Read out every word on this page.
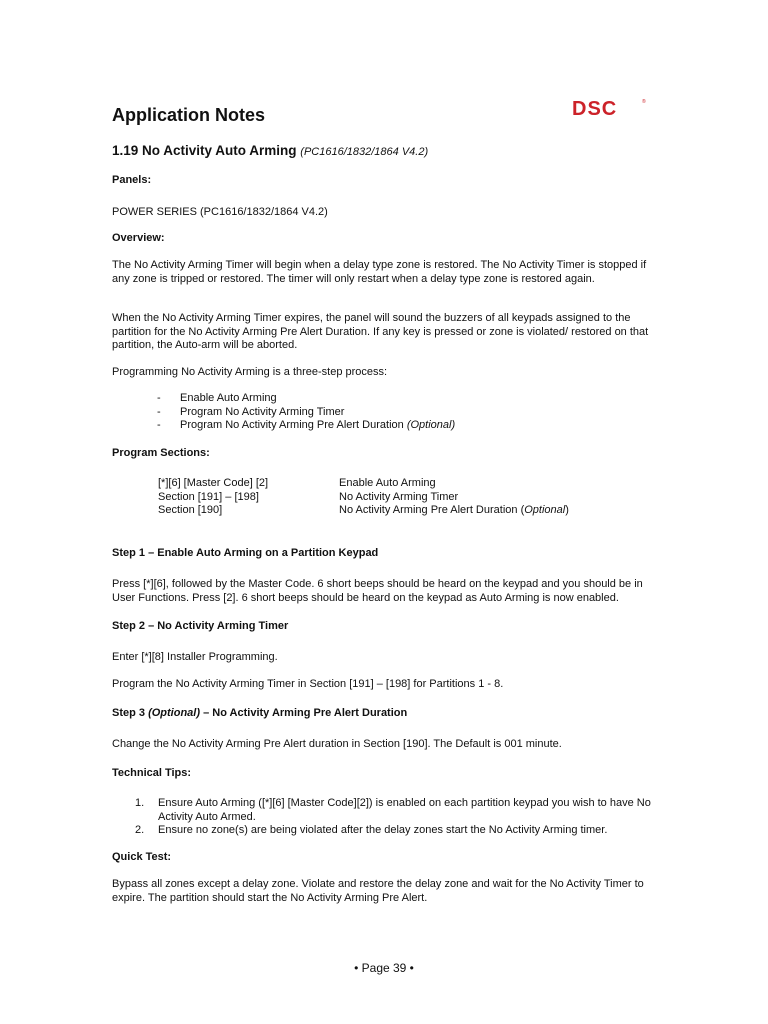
Application Notes	DSC	®
1.19 No Activity Auto Arming (PC1616/1832/1864 V4.2)
Panels:
POWER SERIES (PC1616/1832/1864 V4.2)
Overview:
The No Activity Arming Timer will begin when a delay type zone is restored. The No Activity Timer is stopped if any zone is tripped or restored. The timer will only restart when a delay type zone is restored again.
When the No Activity Arming Timer expires, the panel will sound the buzzers of all keypads assigned to the partition for the No Activity Arming Pre Alert Duration. If any key is pressed or zone is violated/ restored on that partition, the Auto-arm will be aborted.
Programming No Activity Arming is a three-step process:
-	Enable Auto Arming
-	Program No Activity Arming Timer
-	Program No Activity Arming Pre Alert Duration (Optional)
Program Sections:
[*][6] [Master Code] [2]	Enable Auto Arming
Section [191] – [198]	No Activity Arming Timer
Section [190]	No Activity Arming Pre Alert Duration (Optional)
Step 1 – Enable Auto Arming on a Partition Keypad
Press [*][6], followed by the Master Code. 6 short beeps should be heard on the keypad and you should be in User Functions. Press [2]. 6 short beeps should be heard on the keypad as Auto Arming is now enabled.
Step 2 – No Activity Arming Timer
Enter [*][8] Installer Programming.
Program the No Activity Arming Timer in Section [191] – [198] for Partitions 1 - 8.
Step 3 (Optional) – No Activity Arming Pre Alert Duration
Change the No Activity Arming Pre Alert duration in Section [190]. The Default is 001 minute.
Technical Tips:
1.	Ensure Auto Arming ([*][6] [Master Code][2]) is enabled on each partition keypad you wish to have No Activity Auto Armed.
2.	Ensure no zone(s) are being violated after the delay zones start the No Activity Arming timer.
Quick Test:
Bypass all zones except a delay zone. Violate and restore the delay zone and wait for the No Activity Timer to expire. The partition should start the No Activity Arming Pre Alert.
• Page 39 •
